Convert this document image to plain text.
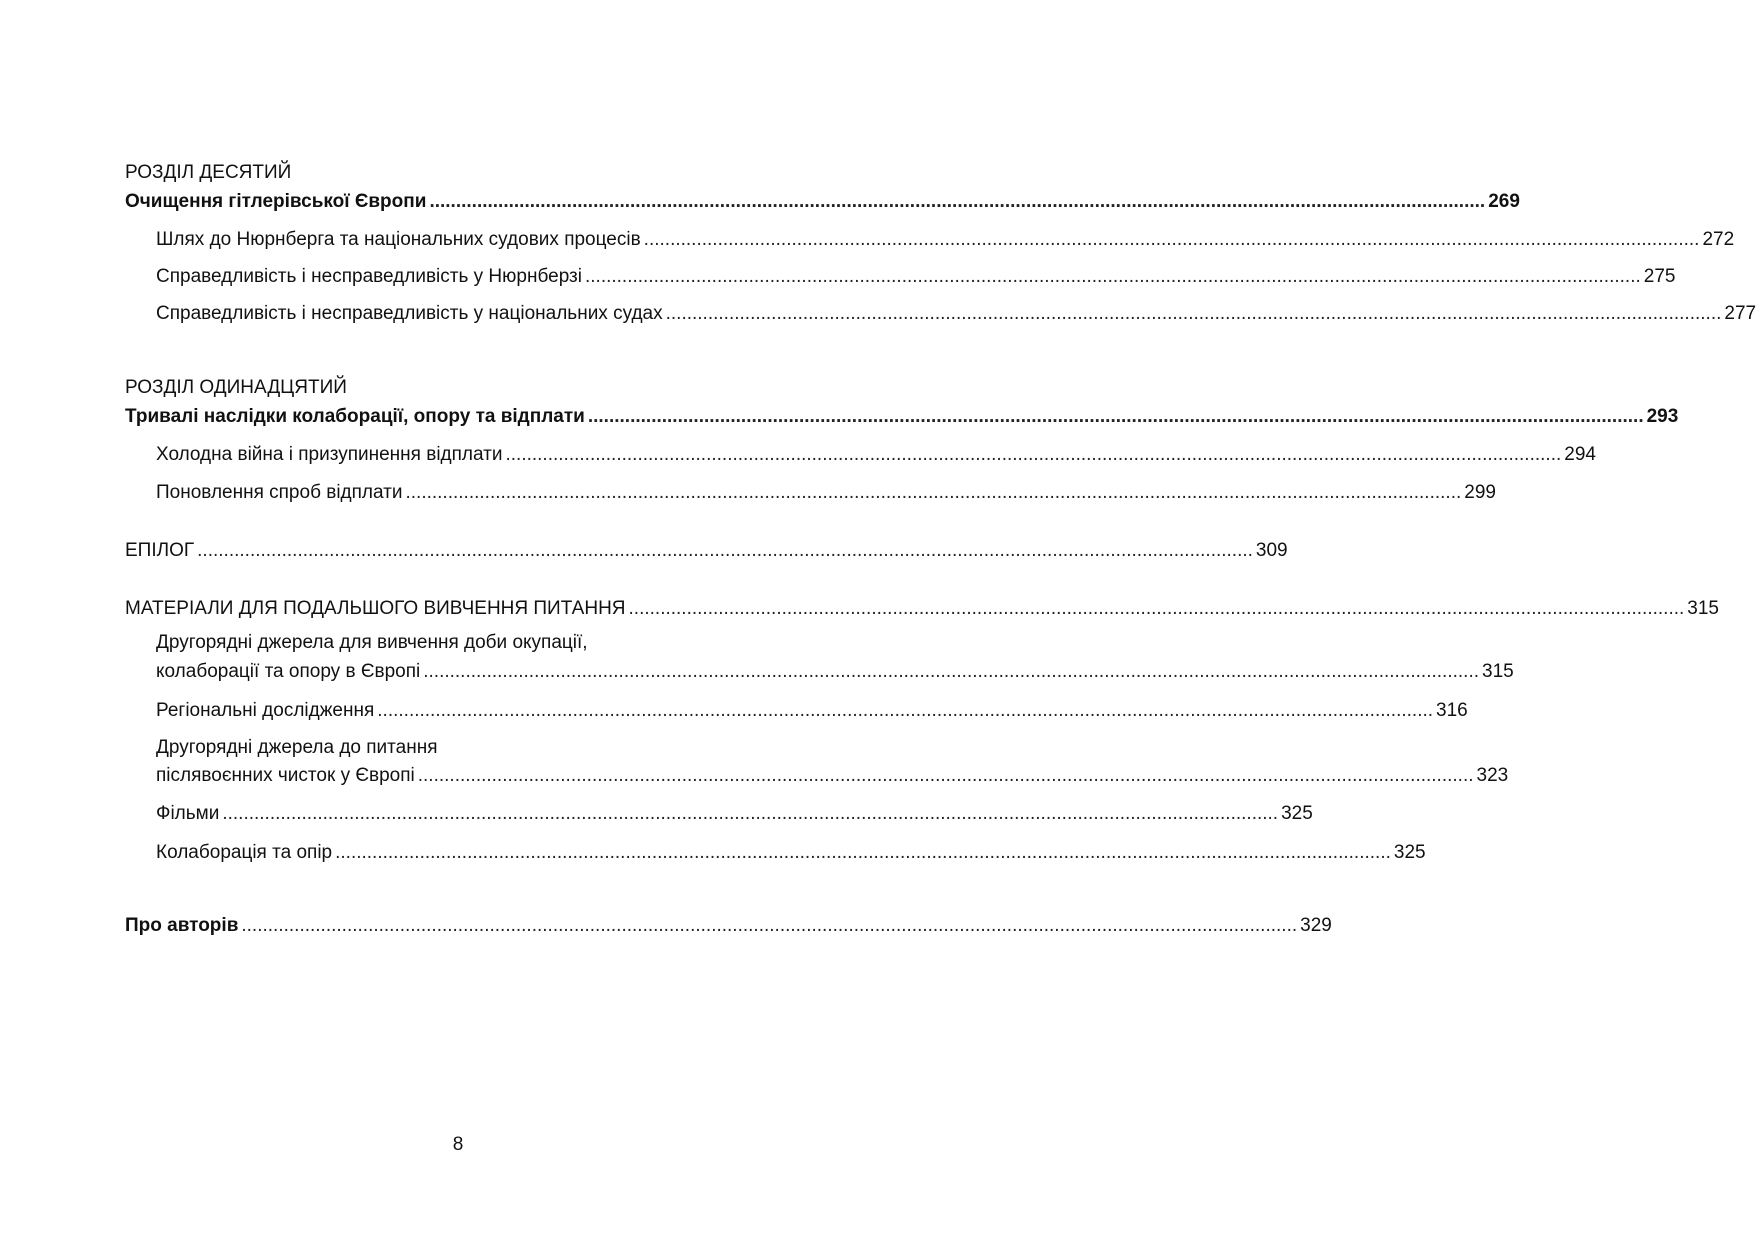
РОЗДІЛ ДЕСЯТИЙ
Очищення гітлерівської Європи ........................................................................................................................................................................................................ 269
Шлях до Нюрнберга та національних судових процесів ........................................................................................................................................................................................................ 272
Справедливість і несправедливість у Нюрнберзі ........................................................................................................................................................................................................ 275
Справедливість і несправедливість у національних судах ........................................................................................................................................................................................................ 277
РОЗДІЛ ОДИНАДЦЯТИЙ
Тривалі наслідки колаборації, опору та відплати ........................................................................................................................................................................................................ 293
Холодна війна і призупинення відплати ........................................................................................................................................................................................................ 294
Поновлення спроб відплати ........................................................................................................................................................................................................ 299
ЕПІЛОГ ........................................................................................................................................................................................................ 309
МАТЕРІАЛИ ДЛЯ ПОДАЛЬШОГО ВИВЧЕННЯ ПИТАННЯ ........................................................................................................................................................................................................ 315
Другорядні джерела для вивчення доби окупації,
колаборації та опору в Європі ........................................................................................................................................................................................................ 315
Регіональні дослідження ........................................................................................................................................................................................................ 316
Другорядні джерела до питання
післявоєнних чисток у Європі ........................................................................................................................................................................................................ 323
Фільми ........................................................................................................................................................................................................ 325
Колаборація та опір ........................................................................................................................................................................................................ 325
Про авторів ........................................................................................................................................................................................................ 329
8
